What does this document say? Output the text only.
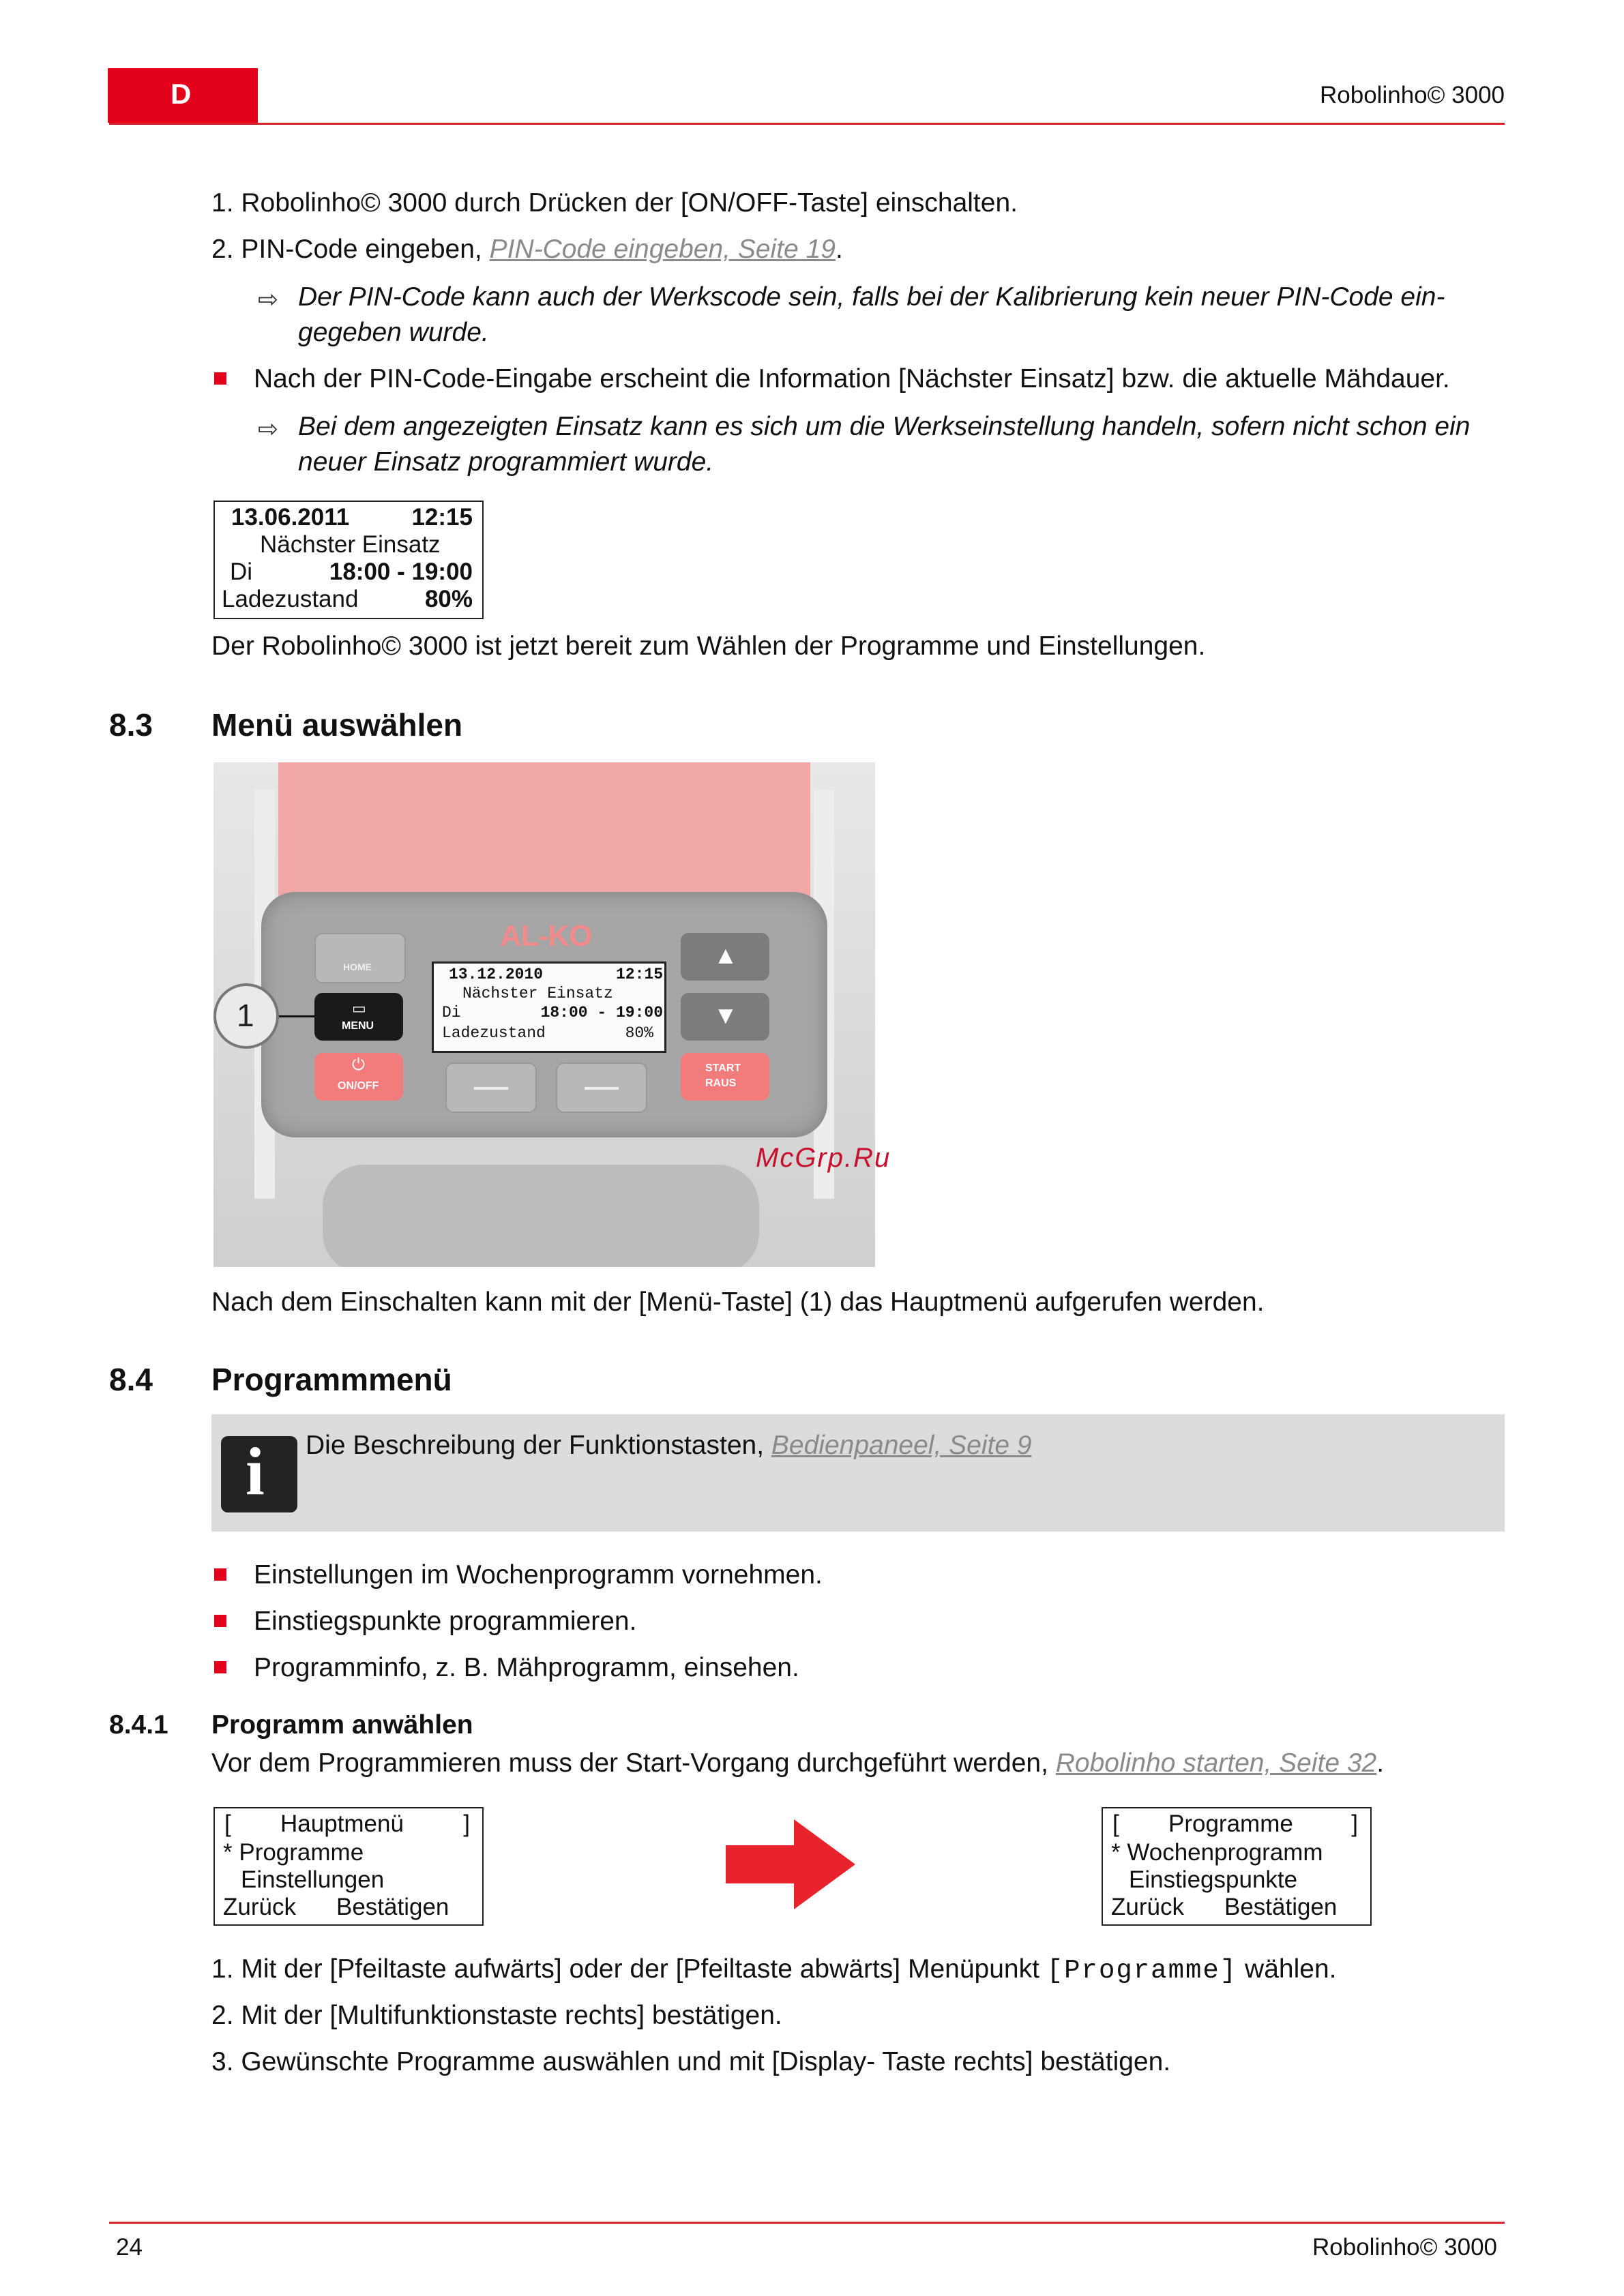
D	Robolinho© 3000
1. Robolinho© 3000 durch Drücken der [ON/OFF-Taste] einschalten.
2. PIN-Code eingeben, PIN-Code eingeben, Seite 19.
⇨ Der PIN-Code kann auch der Werkscode sein, falls bei der Kalibrierung kein neuer PIN-Code ein-
gegeben wurde.
Nach der PIN-Code-Eingabe erscheint die Information [Nächster Einsatz] bzw. die aktuelle Mähdauer.
⇨ Bei dem angezeigten Einsatz kann es sich um die Werkseinstellung handeln, sofern nicht schon ein
neuer Einsatz programmiert wurde.
13.06.2011	12:15
Nächster Einsatz
Di	18:00 - 19:00
Ladezustand	80%
Der Robolinho© 3000 ist jetzt bereit zum Wählen der Programme und Einstellungen.
8.3 Menü auswählen
AL-KO
HOME
▭
MENU
⏻
ON/OFF
1
13.12.2010	12:15
Nächster Einsatz
Di	18:00 - 19:00
Ladezustand	80%
▲
▼
START
RAUS
McGrp.Ru
Nach dem Einschalten kann mit der [Menü-Taste] (1) das Hauptmenü aufgerufen werden.
8.4 Programmmenü
i Die Beschreibung der Funktionstasten, Bedienpaneel, Seite 9
Einstellungen im Wochenprogramm vornehmen.
Einstiegspunkte programmieren.
Programminfo, z. B. Mähprogramm, einsehen.
8.4.1 Programm anwählen
Vor dem Programmieren muss der Start-Vorgang durchgeführt werden, Robolinho starten, Seite 32.
[ Hauptmenü ]
* Programme
Einstellungen
Zurück Bestätigen
[ Programme ]
* Wochenprogramm
Einstiegspunkte
Zurück Bestätigen
1. Mit der [Pfeiltaste aufwärts] oder der [Pfeiltaste abwärts] Menüpunkt [Programme] wählen.
2. Mit der [Multifunktionstaste rechts] bestätigen.
3. Gewünschte Programme auswählen und mit [Display- Taste rechts] bestätigen.
24	Robolinho© 3000
